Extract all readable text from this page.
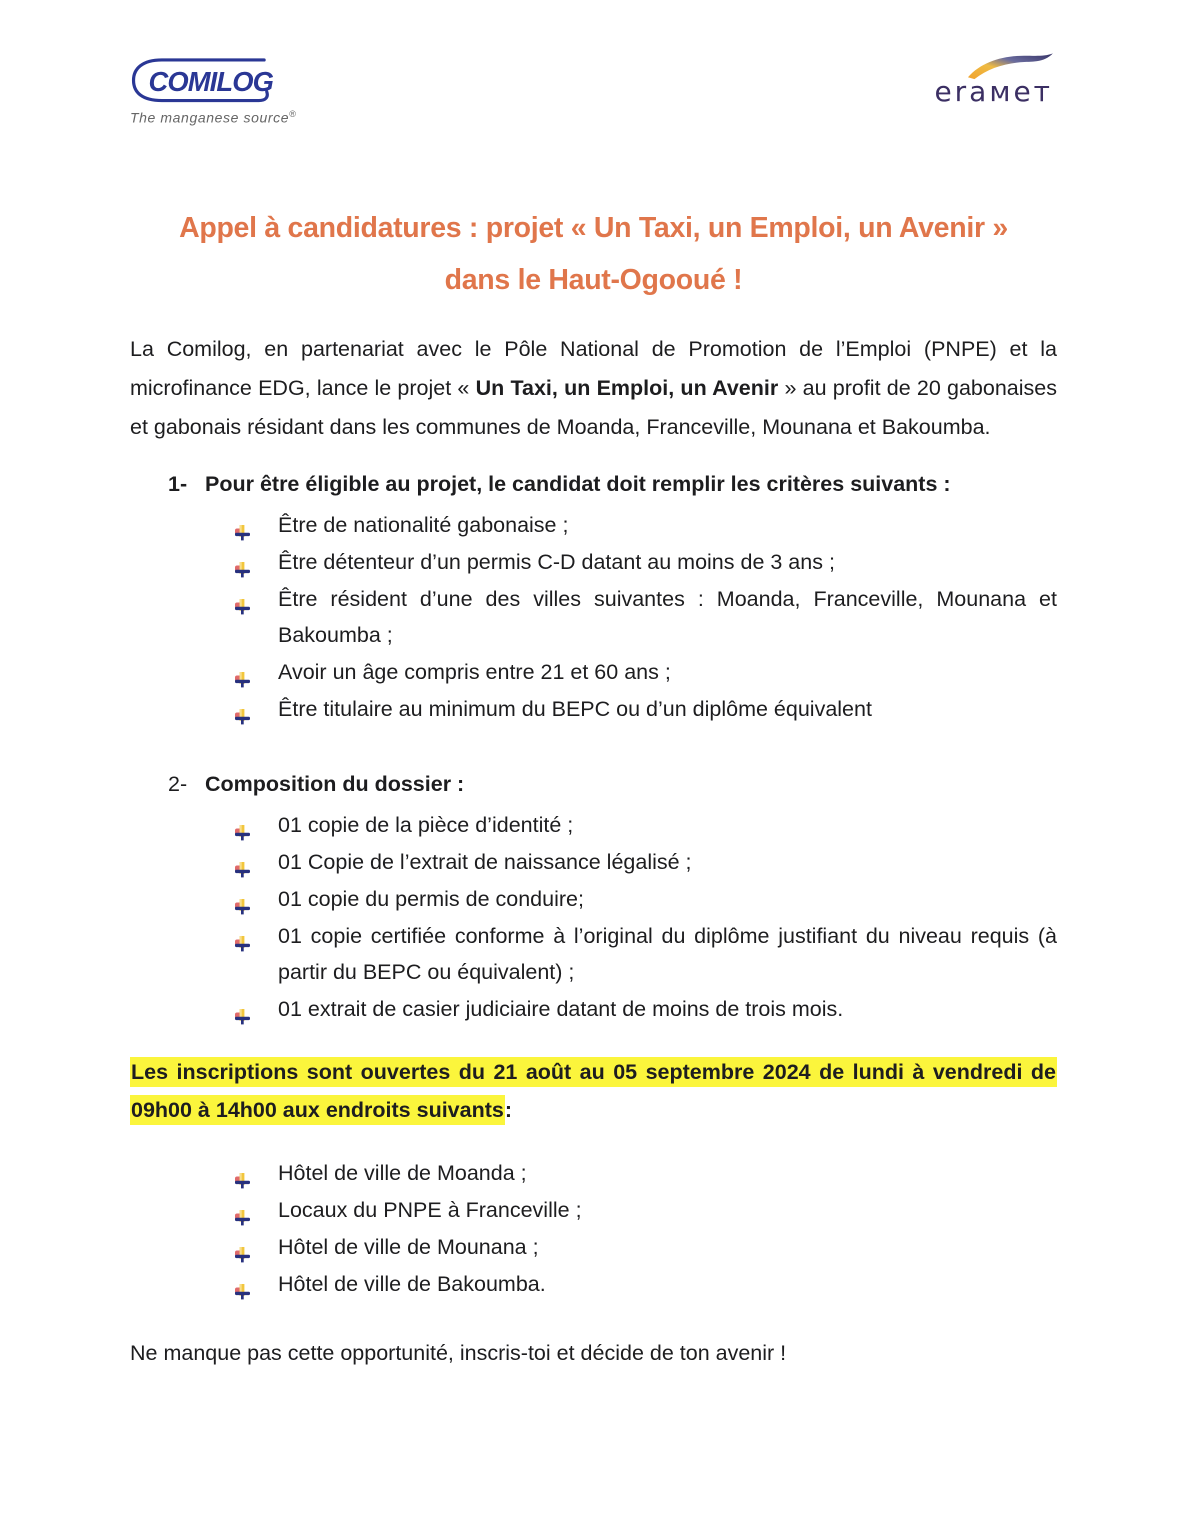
COMILOG
The manganese source®
eraмeт
Appel à candidatures : projet « Un Taxi, un Emploi, un Avenir »
dans le Haut-Ogooué !

La Comilog, en partenariat avec le Pôle National de Promotion de l’Emploi (PNPE) et la microfinance EDG, lance le projet « Un Taxi, un Emploi, un Avenir » au profit de 20 gabonaises et gabonais résidant dans les communes de Moanda, Franceville, Mounana et Bakoumba.

1- Pour être éligible au projet, le candidat doit remplir les critères suivants :
Être de nationalité gabonaise ;
Être détenteur d’un permis C-D datant au moins de 3 ans ;
Être résident d’une des villes suivantes : Moanda, Franceville, Mounana et Bakoumba ;
Avoir un âge compris entre 21 et 60 ans ;
Être titulaire au minimum du BEPC ou d’un diplôme équivalent
2- Composition du dossier :
01 copie de la pièce d’identité ;
01 Copie de l’extrait de naissance légalisé ;
01 copie du permis de conduire;
01 copie certifiée conforme à l’original du diplôme justifiant du niveau requis (à partir du BEPC ou équivalent) ;
01 extrait de casier judiciaire datant de moins de trois mois.

Les inscriptions sont ouvertes du 21 août au 05 septembre 2024 de lundi à vendredi de 09h00 à 14h00 aux endroits suivants:

Hôtel de ville de Moanda ;
Locaux du PNPE à Franceville ;
Hôtel de ville de Mounana ;
Hôtel de ville de Bakoumba.

Ne manque pas cette opportunité, inscris-toi et décide de ton avenir !
